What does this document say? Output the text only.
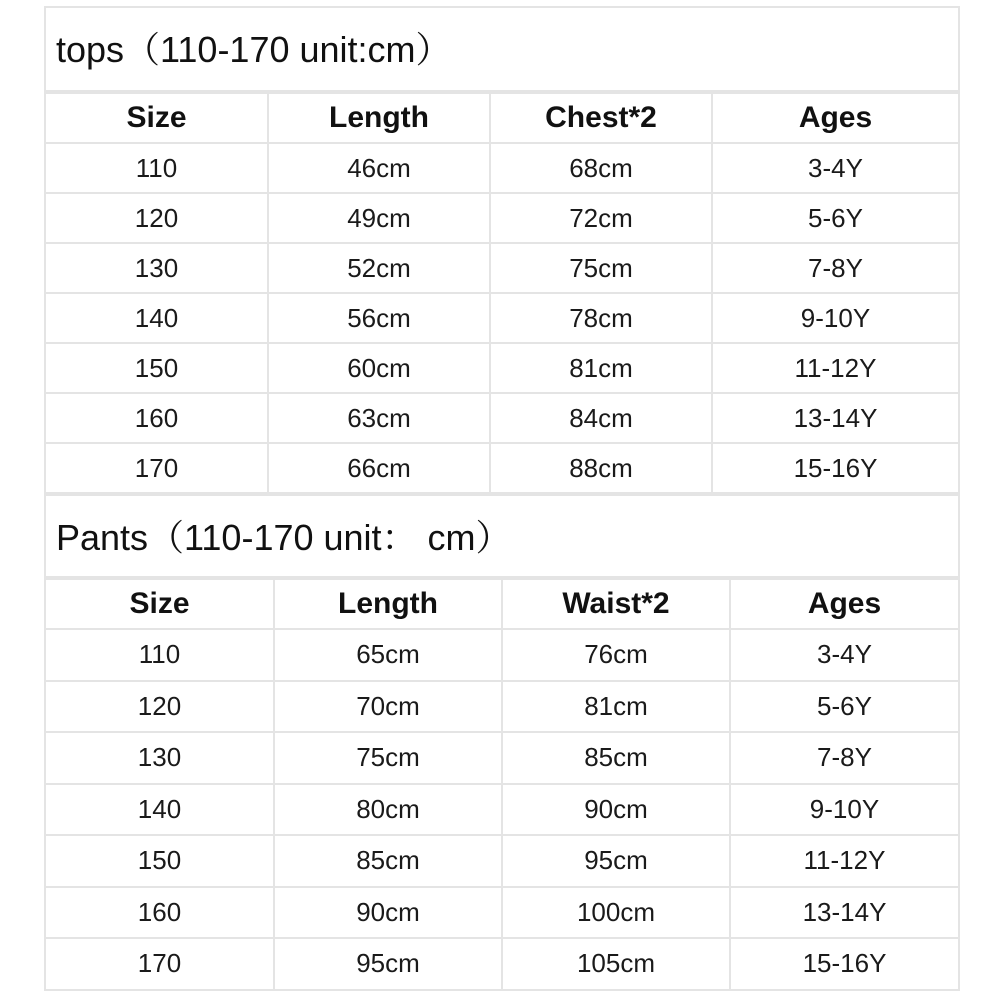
tops（110-170 unit:cm）
Size	Length	Chest*2	Ages
110	46cm	68cm	3-4Y
120	49cm	72cm	5-6Y
130	52cm	75cm	7-8Y
140	56cm	78cm	9-10Y
150	60cm	81cm	11-12Y
160	63cm	84cm	13-14Y
170	66cm	88cm	15-16Y
Pants（110-170 unit： cm）
Size	Length	Waist*2	Ages
110	65cm	76cm	3-4Y
120	70cm	81cm	5-6Y
130	75cm	85cm	7-8Y
140	80cm	90cm	9-10Y
150	85cm	95cm	11-12Y
160	90cm	100cm	13-14Y
170	95cm	105cm	15-16Y
